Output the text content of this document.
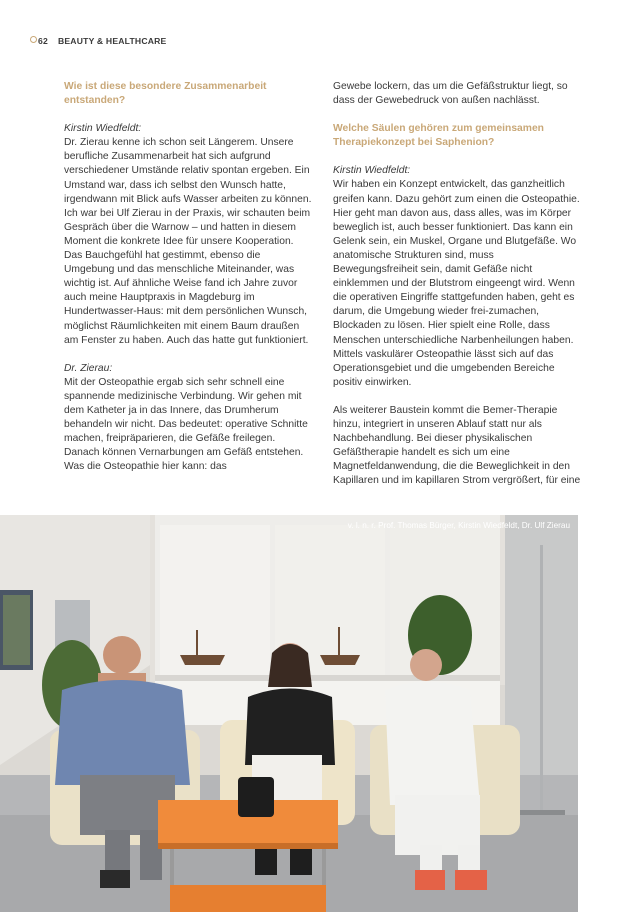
62 BEAUTY & HEALTHCARE

Wie ist diese besondere Zusammenarbeit entstanden?

Kirstin Wiedfeldt:

Dr. Zierau kenne ich schon seit Längerem. Unsere berufliche Zusammenarbeit hat sich aufgrund verschiedener Umstände relativ spontan ergeben. Ein Umstand war, dass ich selbst den Wunsch hatte, irgendwann mit Blick aufs Wasser arbeiten zu können. Ich war bei Ulf Zierau in der Praxis, wir schauten beim Gespräch über die Warnow – und hatten in diesem Moment die konkrete Idee für unsere Kooperation. Das Bauchgefühl hat gestimmt, ebenso die Umgebung und das menschliche Miteinander, was wichtig ist. Auf ähnliche Weise fand ich Jahre zuvor auch meine Hauptpraxis in Magdeburg im Hundertwasser-Haus: mit dem persönlichen Wunsch, möglichst Räumlichkeiten mit einem Baum draußen am Fenster zu haben. Auch das hatte gut funktioniert.

Dr. Zierau:

Mit der Osteopathie ergab sich sehr schnell eine spannende medizinische Verbindung. Wir gehen mit dem Katheter ja in das Innere, das Drumherum behandeln wir nicht. Das bedeutet: operative Schnitte machen, freipräparieren, die Gefäße freilegen. Danach können Vernarbungen am Gefäß entstehen. Was die Osteopathie hier kann: das

Gewebe lockern, das um die Gefäßstruktur liegt, so dass der Gewebedruck von außen nachlässt.

Welche Säulen gehören zum gemeinsamen Therapiekonzept bei Saphenion?

Kirstin Wiedfeldt:

Wir haben ein Konzept entwickelt, das ganzheitlich greifen kann. Dazu gehört zum einen die Osteopathie. Hier geht man davon aus, dass alles, was im Körper beweglich ist, auch besser funktioniert. Das kann ein Gelenk sein, ein Muskel, Organe und Blutgefäße. Wo anatomische Strukturen sind, muss Bewegungsfreiheit sein, damit Gefäße nicht einklemmen und der Blutstrom eingeengt wird. Wenn die operativen Eingriffe stattgefunden haben, geht es darum, die Umgebung wieder frei-zumachen, Blockaden zu lösen. Hier spielt eine Rolle, dass Menschen unterschiedliche Narbenheilungen haben. Mittels vaskulärer Osteopathie lässt sich auf das Operationsgebiet und die umgebenden Bereiche positiv einwirken.

Als weiterer Baustein kommt die Bemer-Therapie hinzu, integriert in unseren Ablauf statt nur als Nachbehandlung. Bei dieser physikalischen Gefäßtherapie handelt es sich um eine Magnetfeldanwendung, die die Beweglichkeit in den Kapillaren und im kapillaren Strom vergrößert, für eine

v. l. n. r. Prof. Thomas Bürger, Kirstin Wiedfeldt, Dr. Ulf Zierau
